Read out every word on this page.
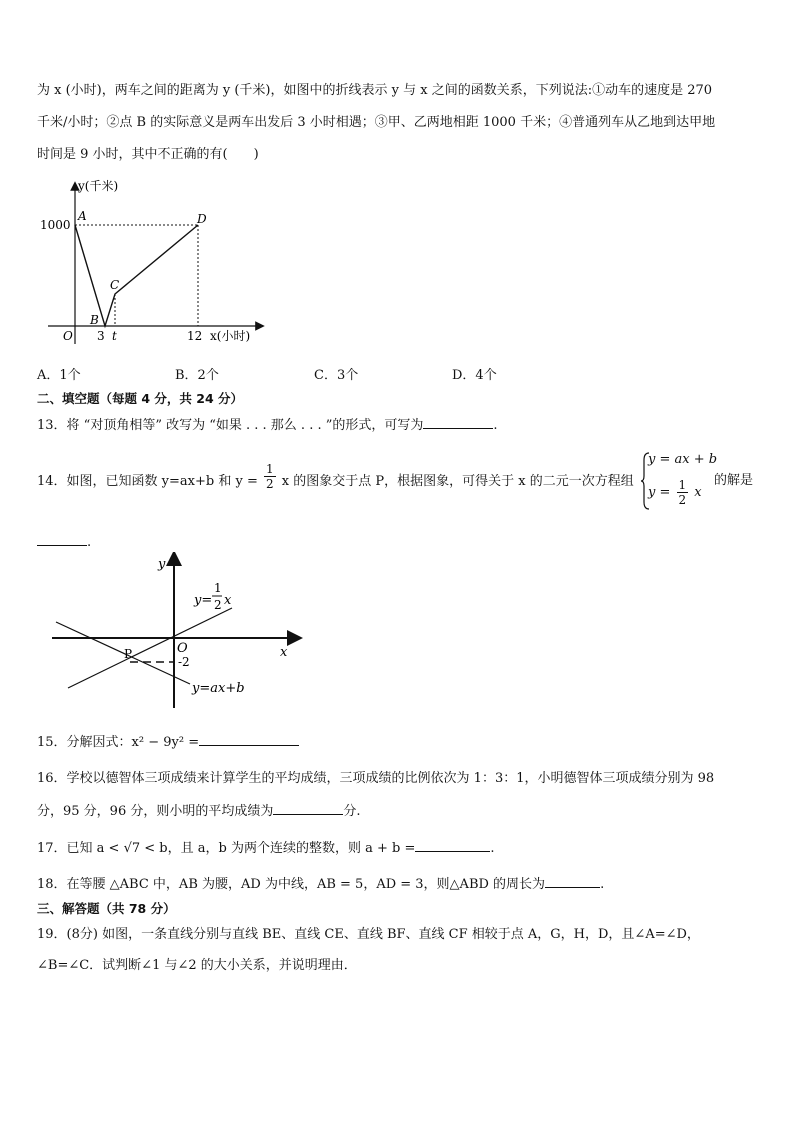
为 x (小时)，两车之间的距离为 y (千米)，如图中的折线表示 y 与 x 之间的函数关系，下列说法:①动车的速度是 270
千米/小时；②点 B 的实际意义是两车出发后 3 小时相遇；③甲、乙两地相距 1000 千米；④普通列车从乙地到达甲地
时间是 9 小时，其中不正确的有(　　)
y(千米)
x(小时)
1000
O
A
B
C
D
3 t	12
A．1个	B．2个	C．3个	D．4个
二、填空题（每题 4 分，共 24 分）
13．将 “对顶角相等” 改写为 “如果 . . . 那么 . . . ”的形式，可写为	.
14．如图，已知函数 y=ax+b 和 $y = \frac{1}{2}$ x 的图象交于点 P，根据图象，可得关于 x 的二元一次方程组
y = ax + b
$y = \frac{1}{2}$ x
的解是
.
y
x
O
-2
P
y=
1
2 x
y=ax+b
15．分解因式：x² − 9y² =
16．学校以德智体三项成绩来计算学生的平均成绩，三项成绩的比例依次为 1：3：1，小明德智体三项成绩分别为 98
分，95 分，96 分，则小明的平均成绩为	分.
17．已知 a < √7 < b，且 a，b 为两个连续的整数，则 a + b =	.
18．在等腰 △ABC 中，AB 为腰，AD 为中线，AB = 5，AD = 3，则△ABD 的周长为	.
三、解答题（共 78 分）
19．(8分) 如图，一条直线分别与直线 BE、直线 CE、直线 BF、直线 CF 相较于点 A，G，H，D，且∠A=∠D，
∠B=∠C．试判断∠1 与∠2 的大小关系，并说明理由．
